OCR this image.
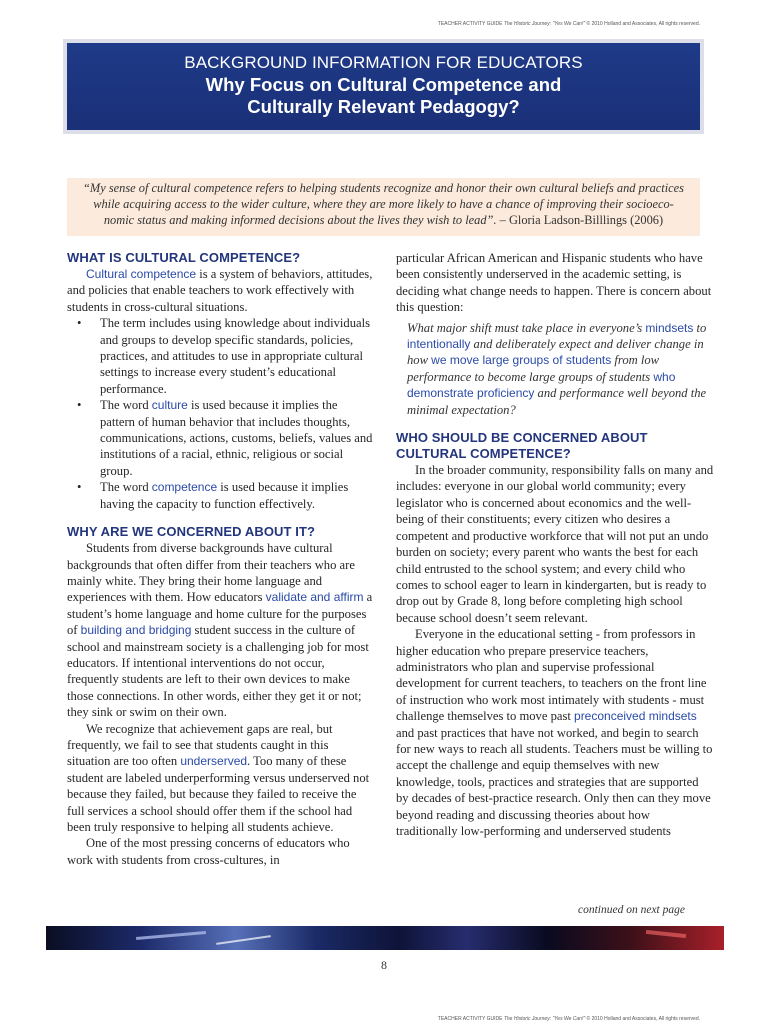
TEACHER ACTIVITY GUIDE The Historic Journey: "Yes We Can!" © 2010 Holland and Associates, All rights reserved.
BACKGROUND INFORMATION FOR EDUCATORS
Why Focus on Cultural Competence and
Culturally Relevant Pedagogy?
“My sense of cultural competence refers to helping students recognize and honor their own cultural beliefs and practices
while acquiring access to the wider culture, where they are more likely to have a chance of improving their socioeco-
nomic status and making informed decisions about the lives they wish to lead”. – Gloria Ladson-Billlings (2006)
WHAT IS CULTURAL COMPETENCE?

Cultural competence is a system of behaviors, attitudes, and policies that enable teachers to work effectively with students in cross-cultural situations.

• The term includes using knowledge about individuals and groups to develop specific standards, policies, practices, and attitudes to use in appropriate cultural settings to increase every student’s educational performance.
• The word culture is used because it implies the pattern of human behavior that includes thoughts, communications, actions, customs, beliefs, values and institutions of a racial, ethnic, religious or social group.
• The word competence is used because it implies having the capacity to function effectively.
WHY ARE WE CONCERNED ABOUT IT?

Students from diverse backgrounds have cultural backgrounds that often differ from their teachers who are mainly white. They bring their home language and experiences with them. How educators validate and affirm a student’s home language and home culture for the purposes of building and bridging student success in the culture of school and mainstream society is a challenging job for most educators. If intentional interventions do not occur, frequently students are left to their own devices to make those connections. In other words, either they get it or not; they sink or swim on their own.

We recognize that achievement gaps are real, but frequently, we fail to see that students caught in this situation are too often underserved. Too many of these student are labeled underperforming versus underserved not because they failed, but because they failed to receive the full services a school should offer them if the school had been truly responsive to helping all students achieve.

One of the most pressing concerns of educators who work with students from cross-cultures, in

particular African American and Hispanic students who have been consistently underserved in the academic setting, is deciding what change needs to happen. There is concern about this question:

What major shift must take place in everyone’s mindsets to intentionally and deliberately expect and deliver change in how we move large groups of students from low performance to become large groups of students who demonstrate proficiency and performance well beyond the minimal expectation?

WHO SHOULD BE CONCERNED ABOUT CULTURAL COMPETENCE?

In the broader community, responsibility falls on many and includes: everyone in our global world community; every legislator who is concerned about economics and the well-being of their constituents; every citizen who desires a competent and productive workforce that will not put an undo burden on society; every parent who wants the best for each child entrusted to the school system; and every child who comes to school eager to learn in kindergarten, but is ready to drop out by Grade 8, long before completing high school because school doesn’t seem relevant.

Everyone in the educational setting - from professors in higher education who prepare preservice teachers, administrators who plan and supervise professional development for current teachers, to teachers on the front line of instruction who work most intimately with students - must challenge themselves to move past preconceived mindsets and past practices that have not worked, and begin to search for new ways to reach all students. Teachers must be willing to accept the challenge and equip themselves with new knowledge, tools, practices and strategies that are supported by decades of best-practice research. Only then can they move beyond reading and discussing theories about how traditionally low-performing and underserved students

continued on next page
8
TEACHER ACTIVITY GUIDE The Historic Journey: "Yes We Can!" © 2010 Holland and Associates, All rights reserved.
